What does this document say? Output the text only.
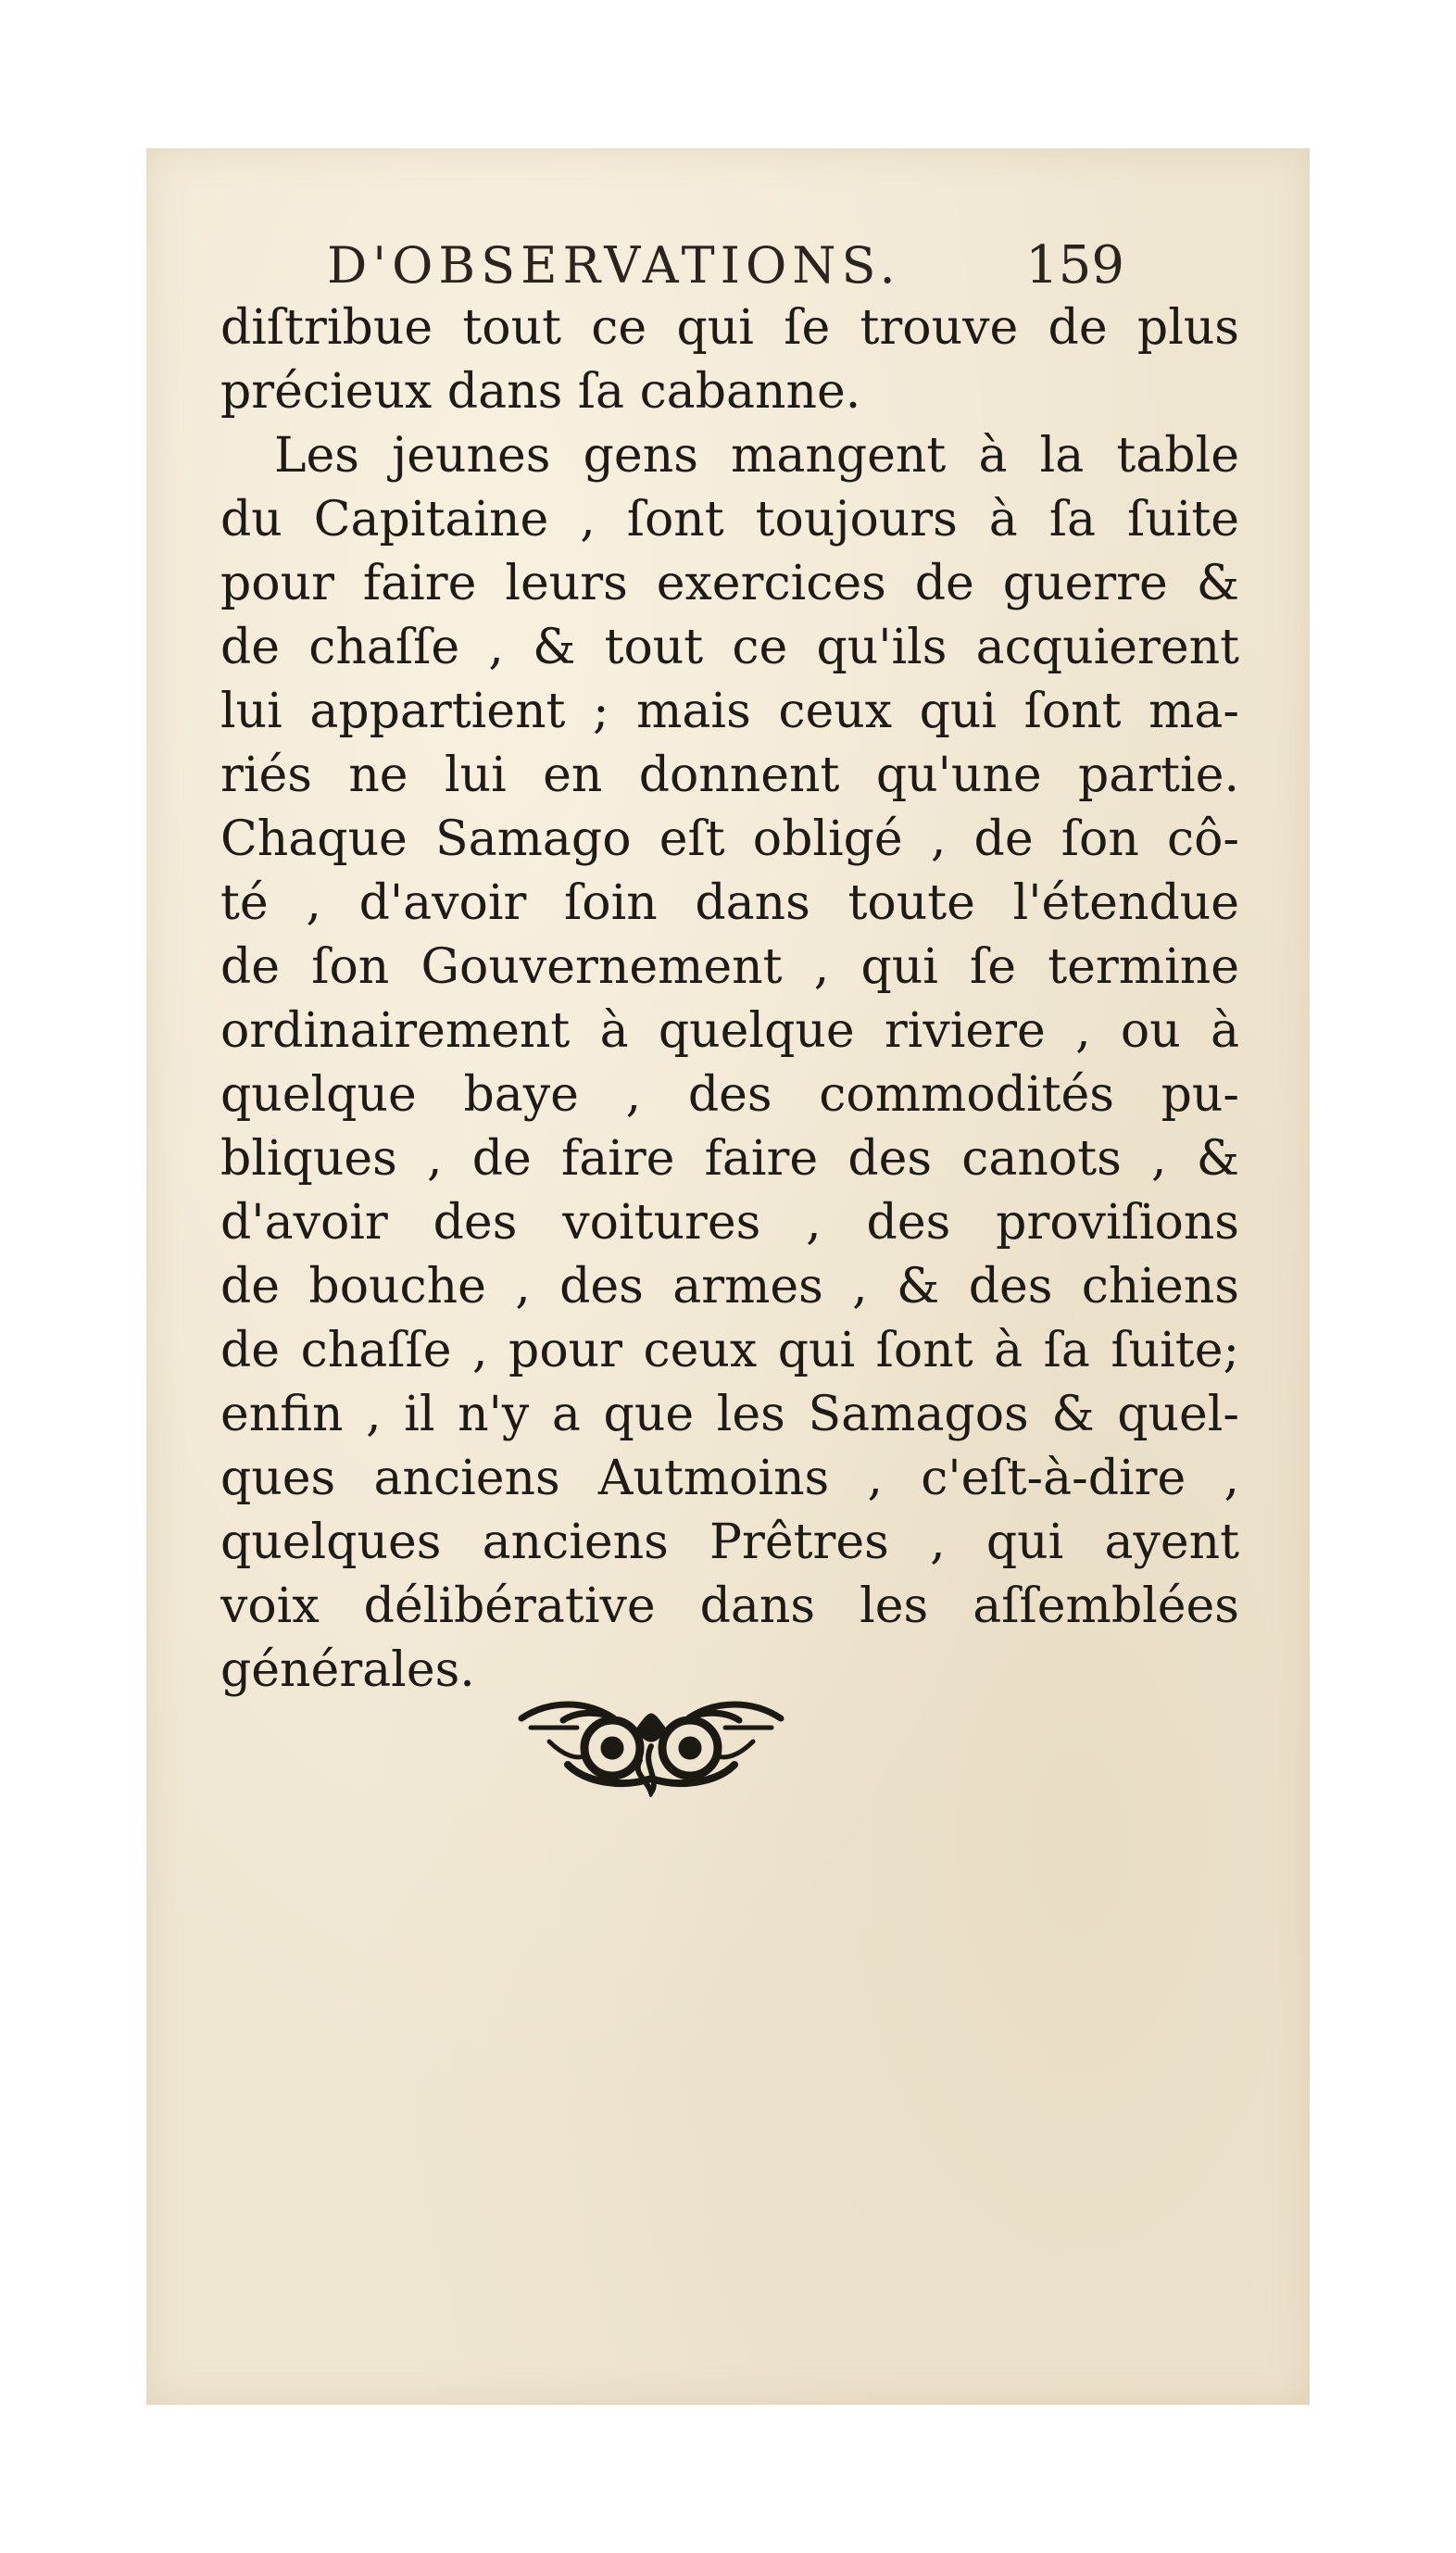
D'OBSERVATIONS. 159
diſtribue tout ce qui ſe trouve de plus
précieux dans ſa cabanne.
Les jeunes gens mangent à la table
du Capitaine , ſont toujours à ſa ſuite
pour faire leurs exercices de guerre &
de chaſſe , & tout ce qu'ils acquierent
lui appartient ; mais ceux qui ſont ma-
riés ne lui en donnent qu'une partie.
Chaque Samago eſt obligé , de ſon cô-
té , d'avoir ſoin dans toute l'étendue
de ſon Gouvernement , qui ſe termine
ordinairement à quelque riviere , ou à
quelque baye , des commodités pu-
bliques , de faire faire des canots , &
d'avoir des voitures , des proviſions
de bouche , des armes , & des chiens
de chaſſe , pour ceux qui ſont à ſa ſuite;
enfin , il n'y a que les Samagos & quel-
ques anciens Autmoins , c'eſt-à-dire ,
quelques anciens Prêtres , qui ayent
voix délibérative dans les aſſemblées
générales.
